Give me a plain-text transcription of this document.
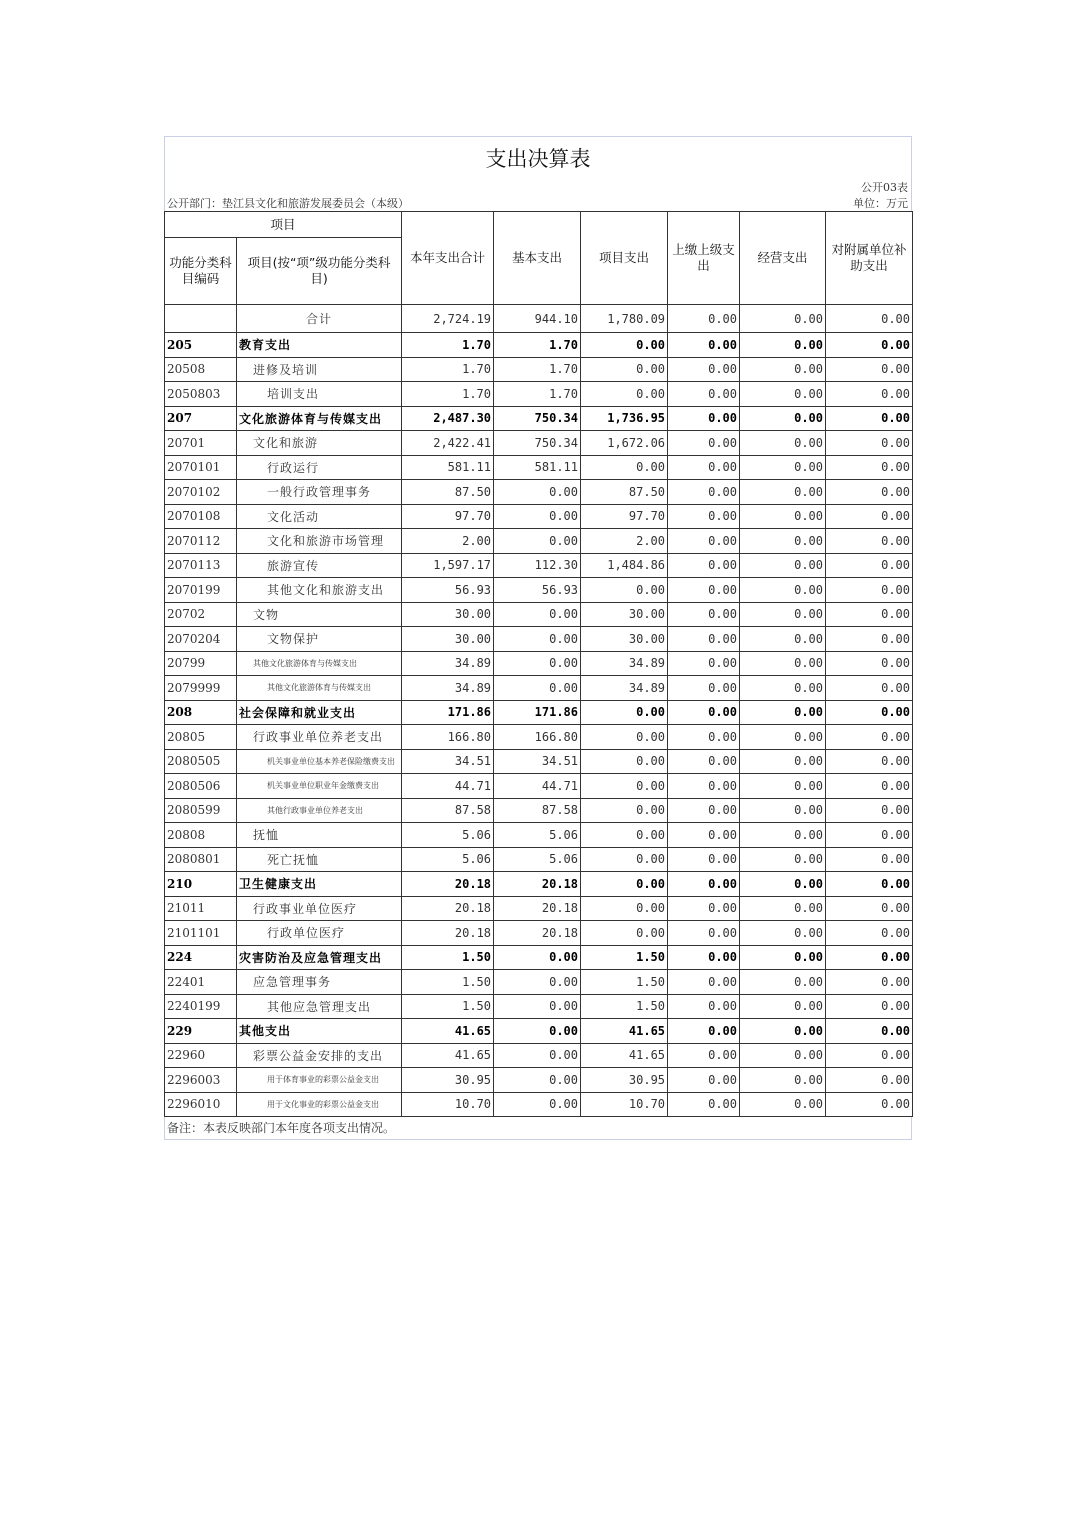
支出决算表
公开03表
公开部门：垫江县文化和旅游发展委员会（本级）	单位：万元
项目		本年支出合计	基本支出	项目支出	上缴上级支出	经营支出	对附属单位补助支出
功能分类科目编码	项目(按“项”级功能分类科目)						
	合计	2,724.19	944.10	1,780.09	0.00	0.00	0.00
205	教育支出	1.70	1.70	0.00	0.00	0.00	0.00
20508	进修及培训	1.70	1.70	0.00	0.00	0.00	0.00
2050803	培训支出	1.70	1.70	0.00	0.00	0.00	0.00
207	文化旅游体育与传媒支出	2,487.30	750.34	1,736.95	0.00	0.00	0.00
20701	文化和旅游	2,422.41	750.34	1,672.06	0.00	0.00	0.00
2070101	行政运行	581.11	581.11	0.00	0.00	0.00	0.00
2070102	一般行政管理事务	87.50	0.00	87.50	0.00	0.00	0.00
2070108	文化活动	97.70	0.00	97.70	0.00	0.00	0.00
2070112	文化和旅游市场管理	2.00	0.00	2.00	0.00	0.00	0.00
2070113	旅游宣传	1,597.17	112.30	1,484.86	0.00	0.00	0.00
2070199	其他文化和旅游支出	56.93	56.93	0.00	0.00	0.00	0.00
20702	文物	30.00	0.00	30.00	0.00	0.00	0.00
2070204	文物保护	30.00	0.00	30.00	0.00	0.00	0.00
20799	其他文化旅游体育与传媒支出	34.89	0.00	34.89	0.00	0.00	0.00
2079999	其他文化旅游体育与传媒支出	34.89	0.00	34.89	0.00	0.00	0.00
208	社会保障和就业支出	171.86	171.86	0.00	0.00	0.00	0.00
20805	行政事业单位养老支出	166.80	166.80	0.00	0.00	0.00	0.00
2080505	机关事业单位基本养老保险缴费支出	34.51	34.51	0.00	0.00	0.00	0.00
2080506	机关事业单位职业年金缴费支出	44.71	44.71	0.00	0.00	0.00	0.00
2080599	其他行政事业单位养老支出	87.58	87.58	0.00	0.00	0.00	0.00
20808	抚恤	5.06	5.06	0.00	0.00	0.00	0.00
2080801	死亡抚恤	5.06	5.06	0.00	0.00	0.00	0.00
210	卫生健康支出	20.18	20.18	0.00	0.00	0.00	0.00
21011	行政事业单位医疗	20.18	20.18	0.00	0.00	0.00	0.00
2101101	行政单位医疗	20.18	20.18	0.00	0.00	0.00	0.00
224	灾害防治及应急管理支出	1.50	0.00	1.50	0.00	0.00	0.00
22401	应急管理事务	1.50	0.00	1.50	0.00	0.00	0.00
2240199	其他应急管理支出	1.50	0.00	1.50	0.00	0.00	0.00
229	其他支出	41.65	0.00	41.65	0.00	0.00	0.00
22960	彩票公益金安排的支出	41.65	0.00	41.65	0.00	0.00	0.00
2296003	用于体育事业的彩票公益金支出	30.95	0.00	30.95	0.00	0.00	0.00
2296010	用于文化事业的彩票公益金支出	10.70	0.00	10.70	0.00	0.00	0.00
备注：本表反映部门本年度各项支出情况。
